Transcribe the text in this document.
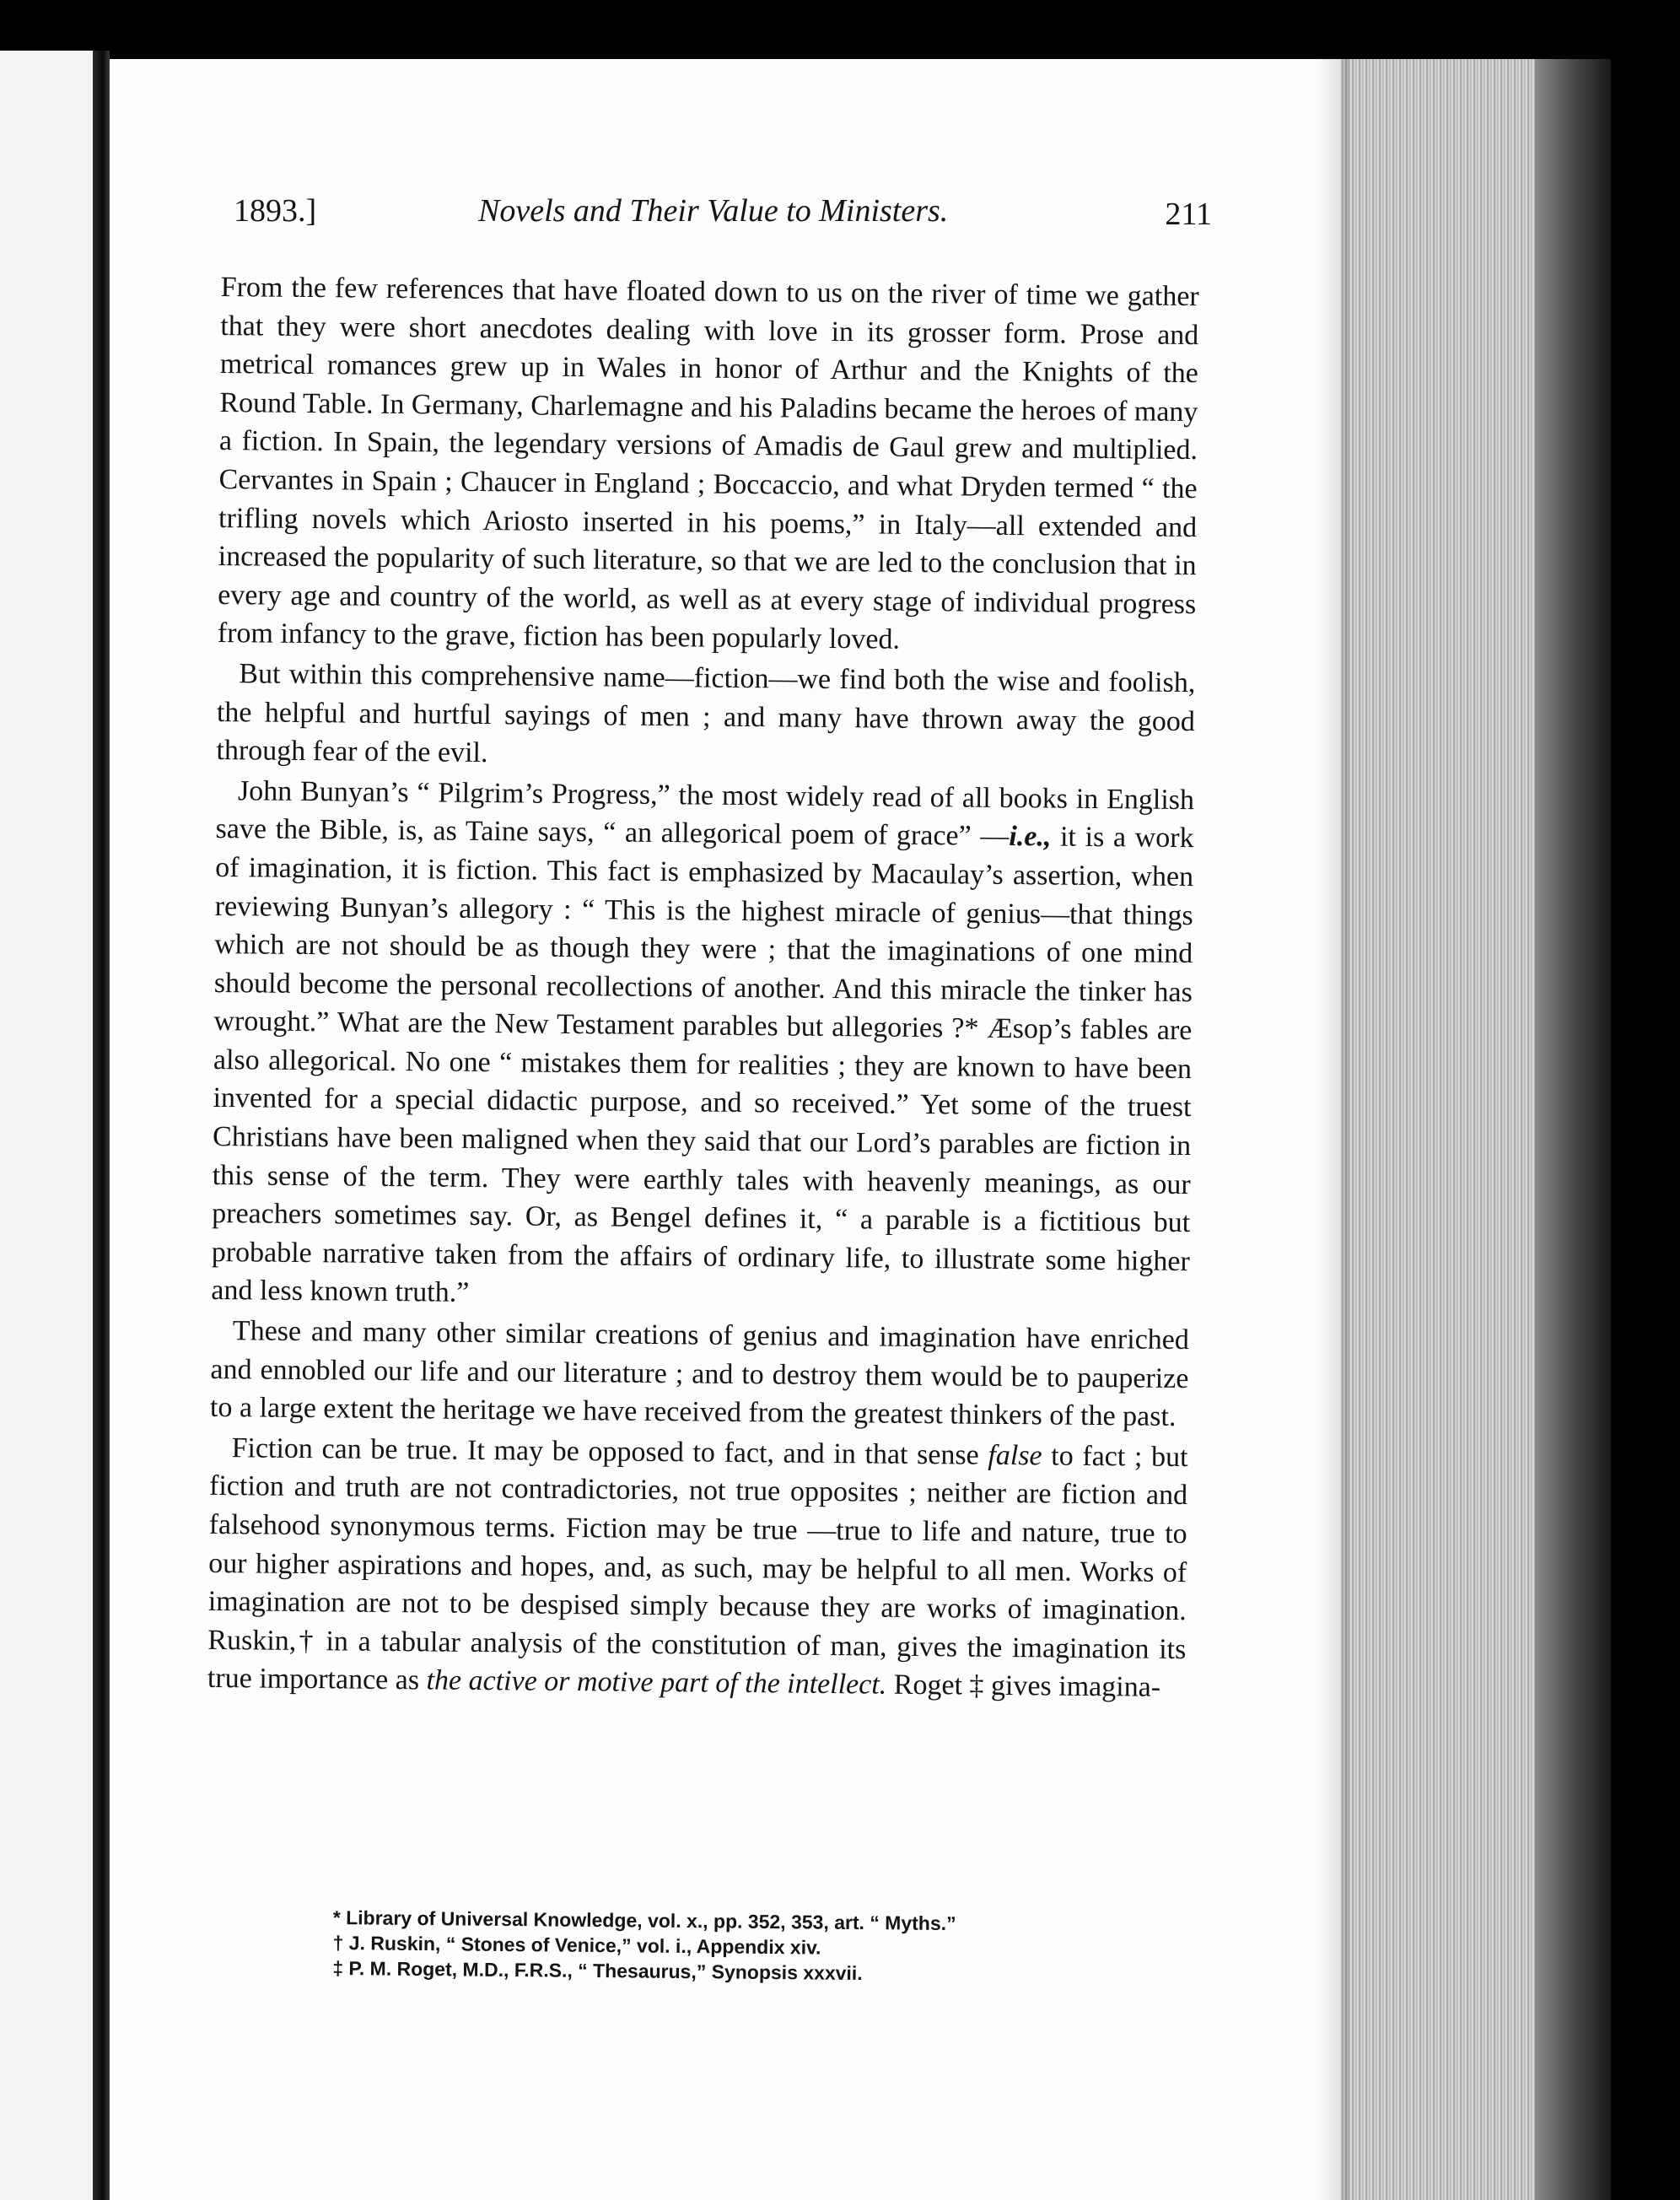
1893.]	Novels and Their Value to Ministers.	211

From the few references that have floated down to us on the river of time we gather that they were short anecdotes dealing with love in its grosser form. Prose and metrical romances grew up in Wales in honor of Arthur and the Knights of the Round Table. In Germany, Charlemagne and his Paladins became the heroes of many a fiction. In Spain, the legendary versions of Amadis de Gaul grew and multiplied. Cervantes in Spain ; Chaucer in England ; Boccaccio, and what Dryden termed “ the trifling novels which Ariosto inserted in his poems,” in Italy—all extended and increased the popularity of such literature, so that we are led to the conclusion that in every age and country of the world, as well as at every stage of individual progress from infancy to the grave, fiction has been popularly loved.

But within this comprehensive name—fiction—we find both the wise and foolish, the helpful and hurtful sayings of men ; and many have thrown away the good through fear of the evil.

John Bunyan’s “ Pilgrim’s Progress,” the most widely read of all books in English save the Bible, is, as Taine says, “ an allegorical poem of grace” —i.e., it is a work of imagination, it is fiction. This fact is emphasized by Macaulay’s assertion, when reviewing Bunyan’s allegory : “ This is the highest miracle of genius—that things which are not should be as though they were ; that the imaginations of one mind should become the personal recollections of another. And this miracle the tinker has wrought.” What are the New Testament parables but allegories ?* Æsop’s fables are also allegorical. No one “ mistakes them for realities ; they are known to have been invented for a special didactic purpose, and so received.” Yet some of the truest Christians have been maligned when they said that our Lord’s parables are fiction in this sense of the term. They were earthly tales with heavenly meanings, as our preachers sometimes say. Or, as Bengel defines it, “ a parable is a fictitious but probable narrative taken from the affairs of ordinary life, to illustrate some higher and less known truth.”

These and many other similar creations of genius and imagination have enriched and ennobled our life and our literature ; and to destroy them would be to pauperize to a large extent the heritage we have received from the greatest thinkers of the past.

Fiction can be true. It may be opposed to fact, and in that sense false to fact ; but fiction and truth are not contradictories, not true opposites ; neither are fiction and falsehood synonymous terms. Fiction may be true —true to life and nature, true to our higher aspirations and hopes, and, as such, may be helpful to all men. Works of imagination are not to be despised simply because they are works of imagination. Ruskin,† in a tabular analysis of the constitution of man, gives the imagination its true importance as the active or motive part of the intellect. Roget ‡ gives imagina-

* Library of Universal Knowledge, vol. x., pp. 352, 353, art. “ Myths.”
† J. Ruskin, “ Stones of Venice,” vol. i., Appendix xiv.
‡ P. M. Roget, M.D., F.R.S., “ Thesaurus,” Synopsis xxxvii.
